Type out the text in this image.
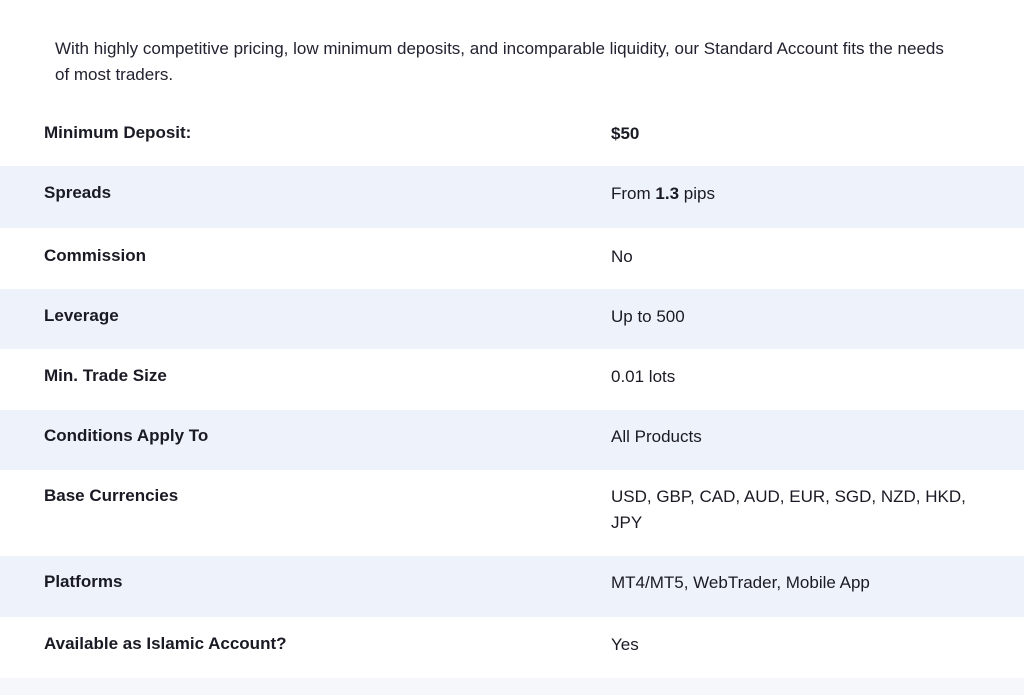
With highly competitive pricing, low minimum deposits, and incomparable liquidity, our Standard Account fits the needs of most traders.

Minimum Deposit:	$50
Spreads	From 1.3 pips
Commission	No
Leverage	Up to 500
Min. Trade Size	0.01 lots
Conditions Apply To	All Products
Base Currencies	USD, GBP, CAD, AUD, EUR, SGD, NZD, HKD, JPY
Platforms	MT4/MT5, WebTrader, Mobile App
Available as Islamic Account?	Yes
